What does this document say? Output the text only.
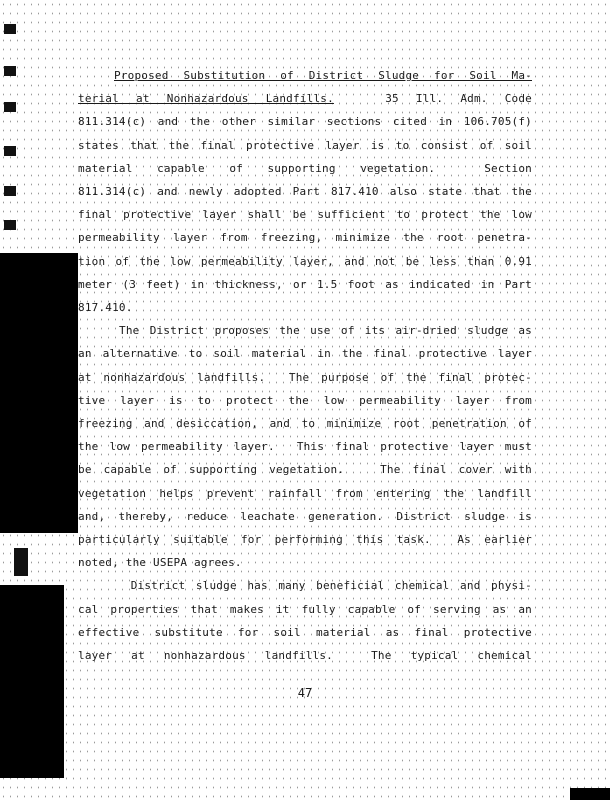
Proposed Substitution of District Sludge for Soil Ma-
terial at Nonhazardous Landfills.   35 Ill. Adm. Code
811.314(c) and the other similar sections cited in 106.705(f)
states that the final protective layer is to consist of soil
material capable of supporting vegetation.  Section
811.314(c) and newly adopted Part 817.410 also state that the
final protective layer shall be sufficient to protect the low
permeability layer from freezing, minimize the root penetra-
tion of the low permeability layer, and not be less than 0.91
meter (3 feet) in thickness, or 1.5 foot as indicated in Part
817.410.
The District proposes the use of its air-dried sludge as
an alternative to soil material in the final protective layer
at nonhazardous landfills.  The purpose of the final protec-
tive layer is to protect the low permeability layer from
freezing and desiccation, and to minimize root penetration of
the low permeability layer.  This final protective layer must
be capable of supporting vegetation.   The final cover with
vegetation helps prevent rainfall from entering the landfill
and, thereby, reduce leachate generation. District sludge is
particularly suitable for performing this task.  As earlier
noted, the USEPA agrees.
District sludge has many beneficial chemical and physi-
cal properties that makes it fully capable of serving as an
effective substitute for soil material as final protective
layer at nonhazardous landfills.  The typical chemical
47
